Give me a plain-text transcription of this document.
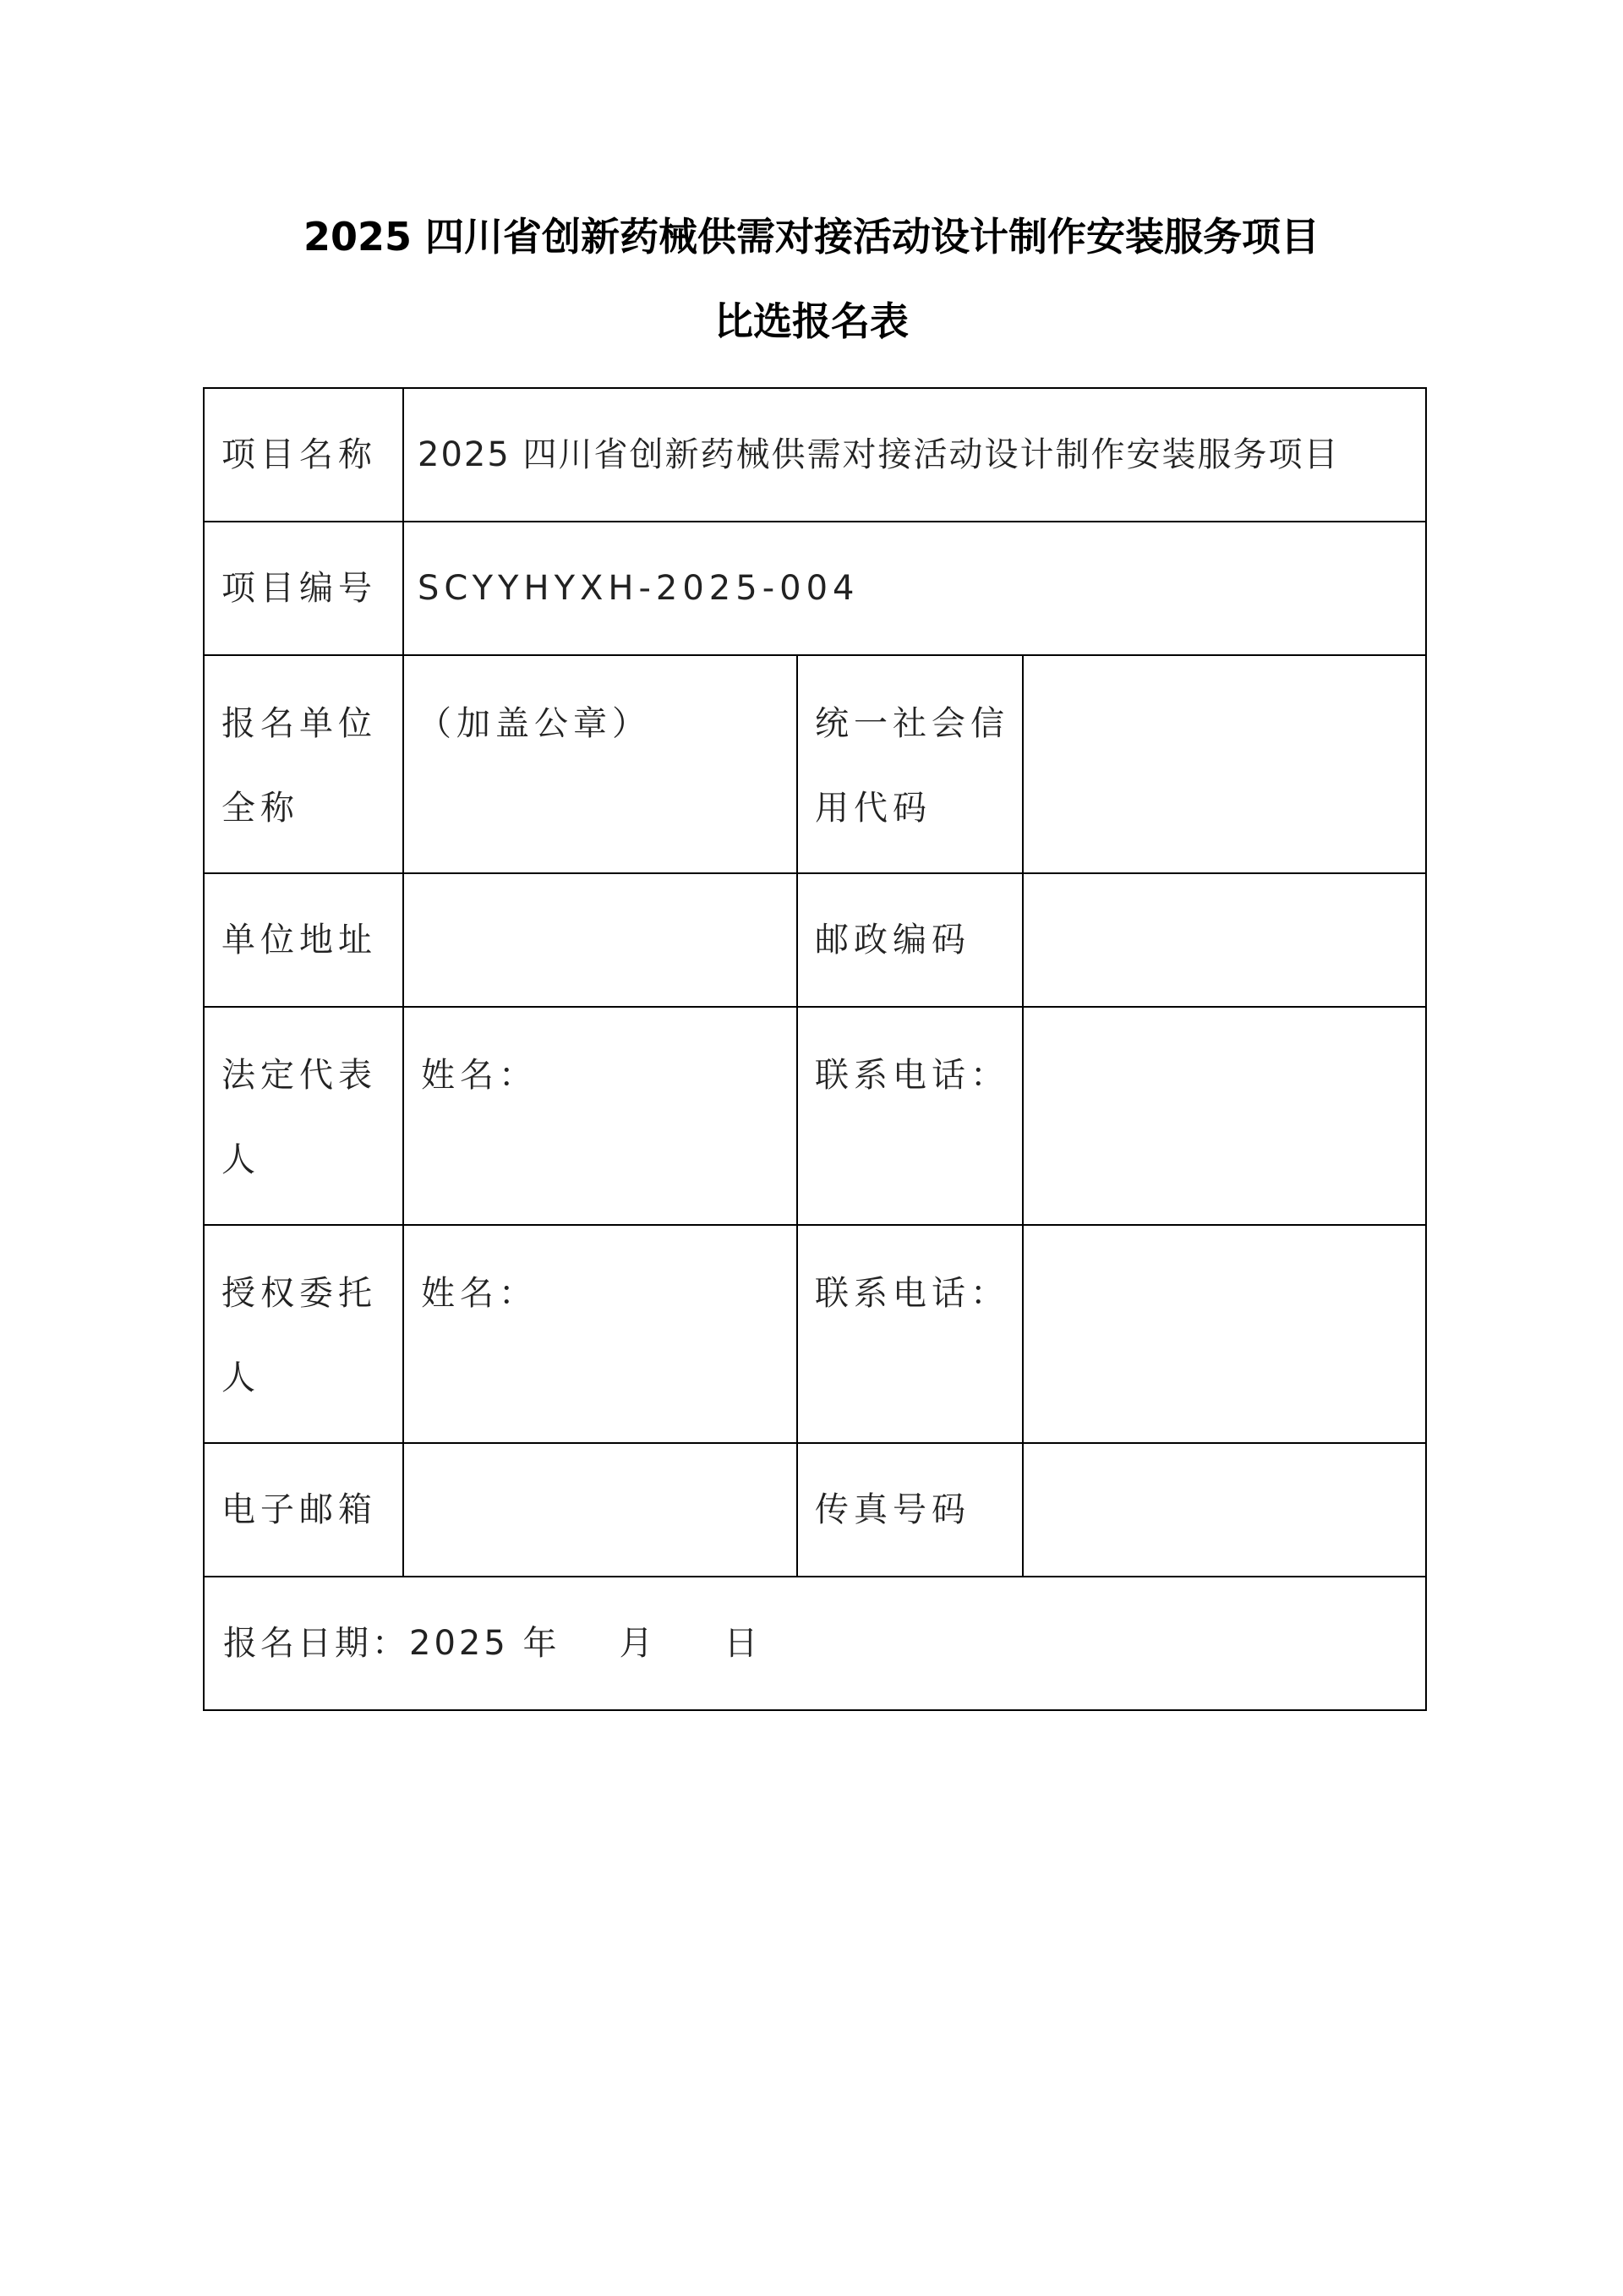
2025 四川省创新药械供需对接活动设计制作安装服务项目
比选报名表
项目名称	2025 四川省创新药械供需对接活动设计制作安装服务项目		
项目编号	SCYYHYXH-2025-004		
报名单位全称	（加盖公章）	统一社会信用代码	
单位地址		邮政编码	
法定代表人	姓名：	联系电话：	
授权委托人	姓名：	联系电话：	
电子邮箱		传真号码	
报名日期：2025 年 月 日			
